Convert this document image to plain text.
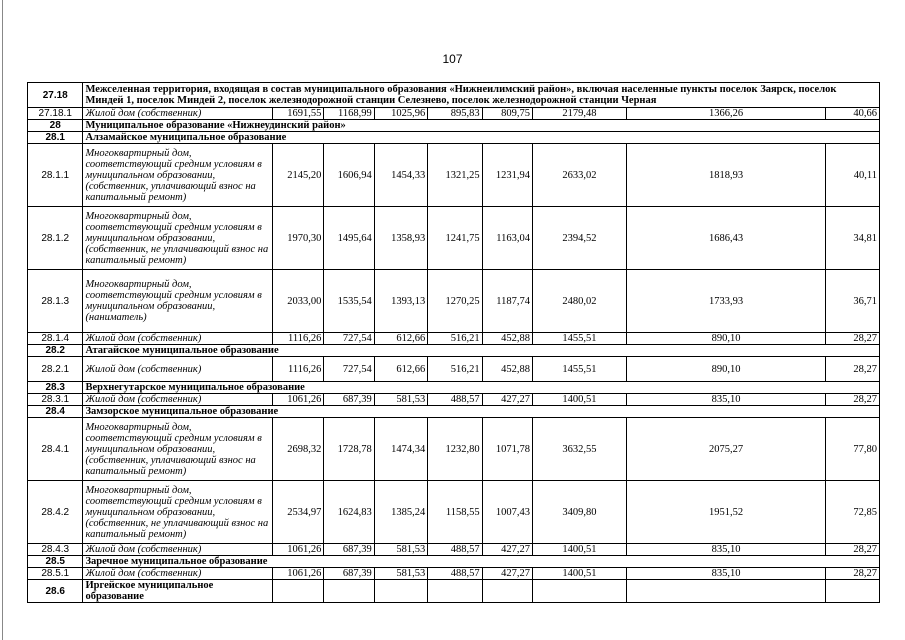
107
27.18	Межселенная территория, входящая в состав муниципального образования «Нижнеилимский район», включая населенные пункты поселок Заярск, поселок Миндей 1, поселок Миндей 2, поселок железнодорожной станции Селезнево, поселок железнодорожной станции Черная								
27.18.1	Жилой дом (собственник)	1691,55	1168,99	1025,96	895,83	809,75	2179,48	1366,26	40,66
28	Муниципальное образование «Нижнеудинский район»								
28.1	Алзамайское муниципальное образование								
28.1.1	Многоквартирный дом, соответствующий средним условиям в муниципальном образовании, (собственник, уплачивающий взнос на капитальный ремонт)	2145,20	1606,94	1454,33	1321,25	1231,94	2633,02	1818,93	40,11
28.1.2	Многоквартирный дом, соответствующий средним условиям в муниципальном образовании, (собственник, не уплачивающий взнос на капитальный ремонт)	1970,30	1495,64	1358,93	1241,75	1163,04	2394,52	1686,43	34,81
28.1.3	Многоквартирный дом, соответствующий средним условиям в муниципальном образовании, (наниматель)	2033,00	1535,54	1393,13	1270,25	1187,74	2480,02	1733,93	36,71
28.1.4	Жилой дом (собственник)	1116,26	727,54	612,66	516,21	452,88	1455,51	890,10	28,27
28.2	Атагайское муниципальное образование								
28.2.1	Жилой дом (собственник)	1116,26	727,54	612,66	516,21	452,88	1455,51	890,10	28,27
28.3	Верхнегутарское муниципальное образование								
28.3.1	Жилой дом (собственник)	1061,26	687,39	581,53	488,57	427,27	1400,51	835,10	28,27
28.4	Замзорское муниципальное образование								
28.4.1	Многоквартирный дом, соответствующий средним условиям в муниципальном образовании, (собственник, уплачивающий взнос на капитальный ремонт)	2698,32	1728,78	1474,34	1232,80	1071,78	3632,55	2075,27	77,80
28.4.2	Многоквартирный дом, соответствующий средним условиям в муниципальном образовании, (собственник, не уплачивающий взнос на капитальный ремонт)	2534,97	1624,83	1385,24	1158,55	1007,43	3409,80	1951,52	72,85
28.4.3	Жилой дом (собственник)	1061,26	687,39	581,53	488,57	427,27	1400,51	835,10	28,27
28.5	Заречное муниципальное образование								
28.5.1	Жилой дом (собственник)	1061,26	687,39	581,53	488,57	427,27	1400,51	835,10	28,27
28.6	Иргейское муниципальное образование								
